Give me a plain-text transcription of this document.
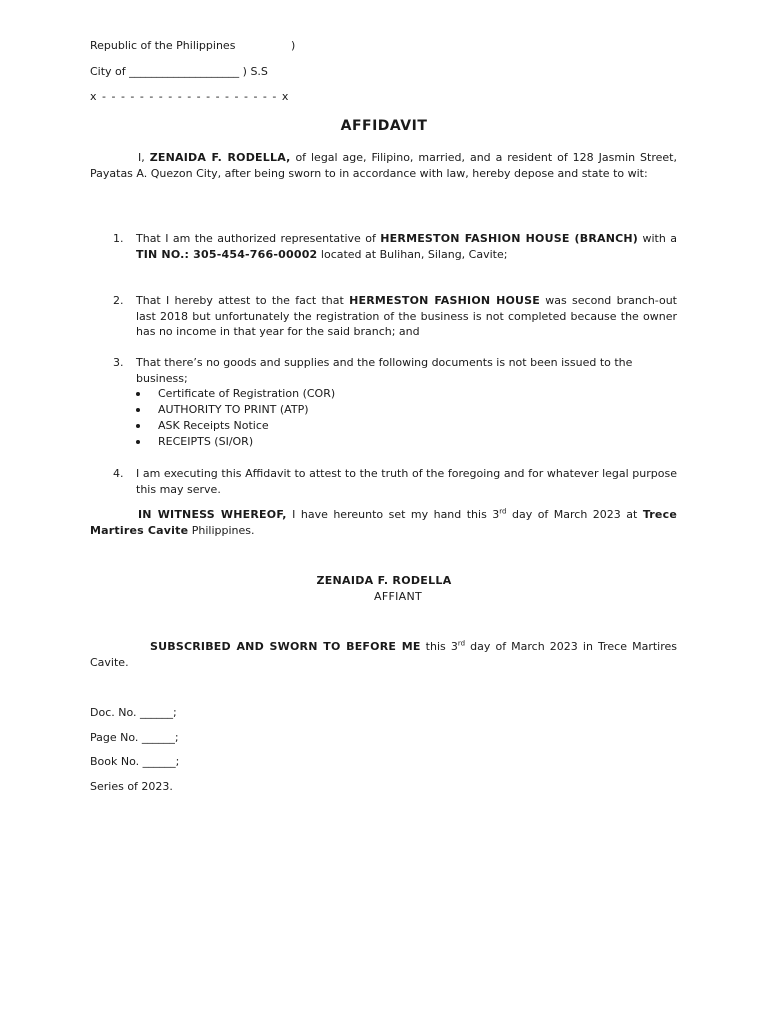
Republic of the Philippines	)
City of ____________________ ) S.S
x - - - - - - - - - - - - - - - - - - - x
AFFIDAVIT
I, ZENAIDA F. RODELLA, of legal age, Filipino, married, and a resident of 128 Jasmin Street, Payatas A. Quezon City, after being sworn to in accordance with law, hereby depose and state to wit:
1. That I am the authorized representative of HERMESTON FASHION HOUSE (BRANCH) with a TIN NO.: 305-454-766-00002 located at Bulihan, Silang, Cavite;
2. That I hereby attest to the fact that HERMESTON FASHION HOUSE was second branch-out last 2018 but unfortunately the registration of the business is not completed because the owner has no income in that year for the said branch; and
3. That there’s no goods and supplies and the following documents is not been issued to the business;
Certificate of Registration (COR)
AUTHORITY TO PRINT (ATP)
ASK Receipts Notice
RECEIPTS (SI/OR)
4. I am executing this Affidavit to attest to the truth of the foregoing and for whatever legal purpose this may serve.
IN WITNESS WHEREOF, I have hereunto set my hand this 3rd day of March 2023 at Trece Martires Cavite Philippines.
ZENAIDA F. RODELLA
AFFIANT
SUBSCRIBED AND SWORN TO BEFORE ME this 3rd day of March 2023 in Trece Martires Cavite.
Doc. No. ______;
Page No. ______;
Book No. ______;
Series of 2023.
